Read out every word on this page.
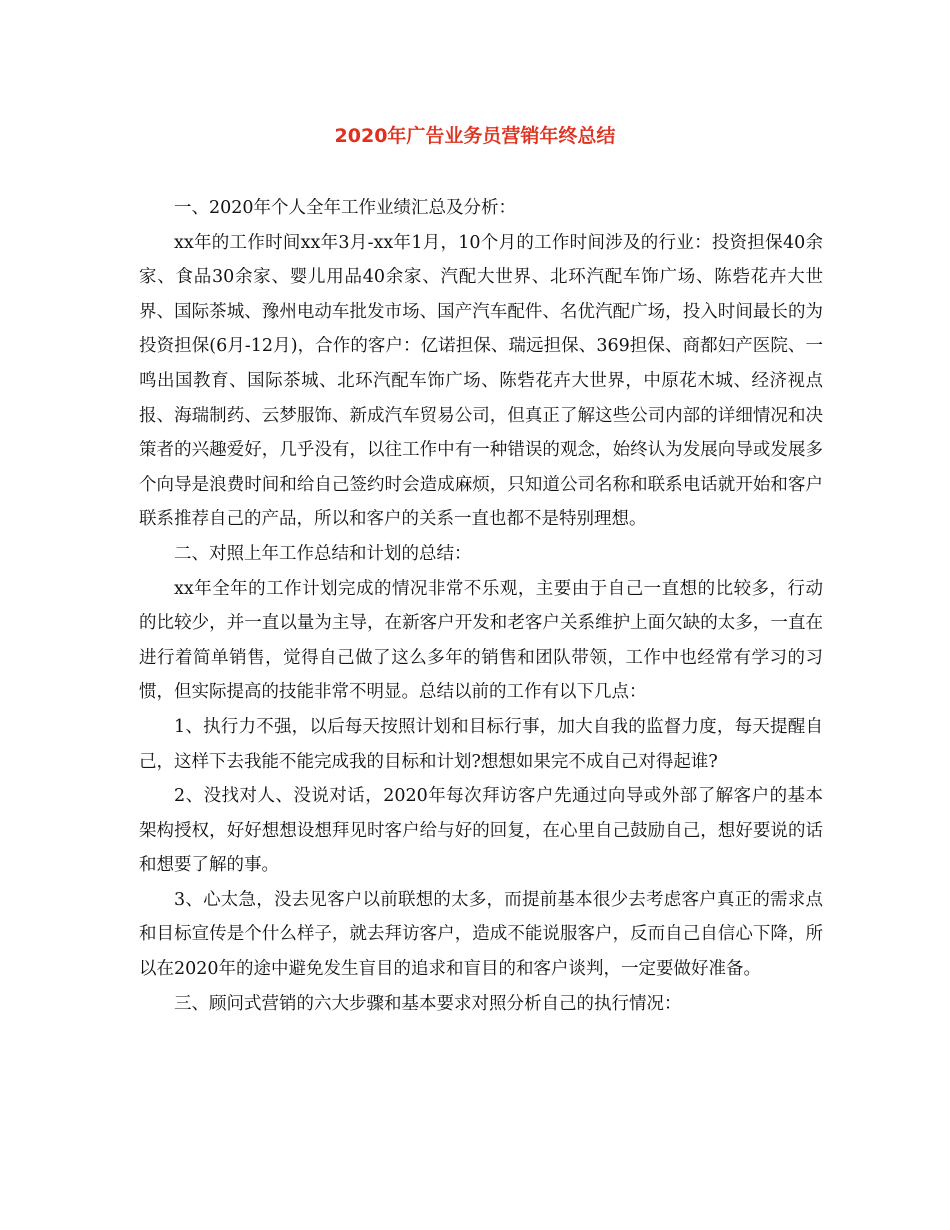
2020年广告业务员营销年终总结

一、2020年个人全年工作业绩汇总及分析：

xx年的工作时间xx年3月-xx年1月，10个月的工作时间涉及的行业：投资担保40余家、食品30余家、婴儿用品40余家、汽配大世界、北环汽配车饰广场、陈砦花卉大世界、国际茶城、豫州电动车批发市场、国产汽车配件、名优汽配广场，投入时间最长的为投资担保(6月-12月)，合作的客户：亿诺担保、瑞远担保、369担保、商都妇产医院、一鸣出国教育、国际茶城、北环汽配车饰广场、陈砦花卉大世界，中原花木城、经济视点报、海瑞制药、云梦服饰、新成汽车贸易公司，但真正了解这些公司内部的详细情况和决策者的兴趣爱好，几乎没有，以往工作中有一种错误的观念，始终认为发展向导或发展多个向导是浪费时间和给自己签约时会造成麻烦，只知道公司名称和联系电话就开始和客户联系推荐自己的产品，所以和客户的关系一直也都不是特别理想。

二、对照上年工作总结和计划的总结：

xx年全年的工作计划完成的情况非常不乐观，主要由于自己一直想的比较多，行动的比较少，并一直以量为主导，在新客户开发和老客户关系维护上面欠缺的太多，一直在进行着简单销售，觉得自己做了这么多年的销售和团队带领，工作中也经常有学习的习惯，但实际提高的技能非常不明显。总结以前的工作有以下几点：

1、执行力不强，以后每天按照计划和目标行事，加大自我的监督力度，每天提醒自己，这样下去我能不能完成我的目标和计划?想想如果完不成自己对得起谁?

2、没找对人、没说对话，2020年每次拜访客户先通过向导或外部了解客户的基本架构授权，好好想想设想拜见时客户给与好的回复，在心里自己鼓励自己，想好要说的话和想要了解的事。

3、心太急，没去见客户以前联想的太多，而提前基本很少去考虑客户真正的需求点和目标宣传是个什么样子，就去拜访客户，造成不能说服客户，反而自己自信心下降，所以在2020年的途中避免发生盲目的追求和盲目的和客户谈判，一定要做好准备。

三、顾问式营销的六大步骤和基本要求对照分析自己的执行情况：
